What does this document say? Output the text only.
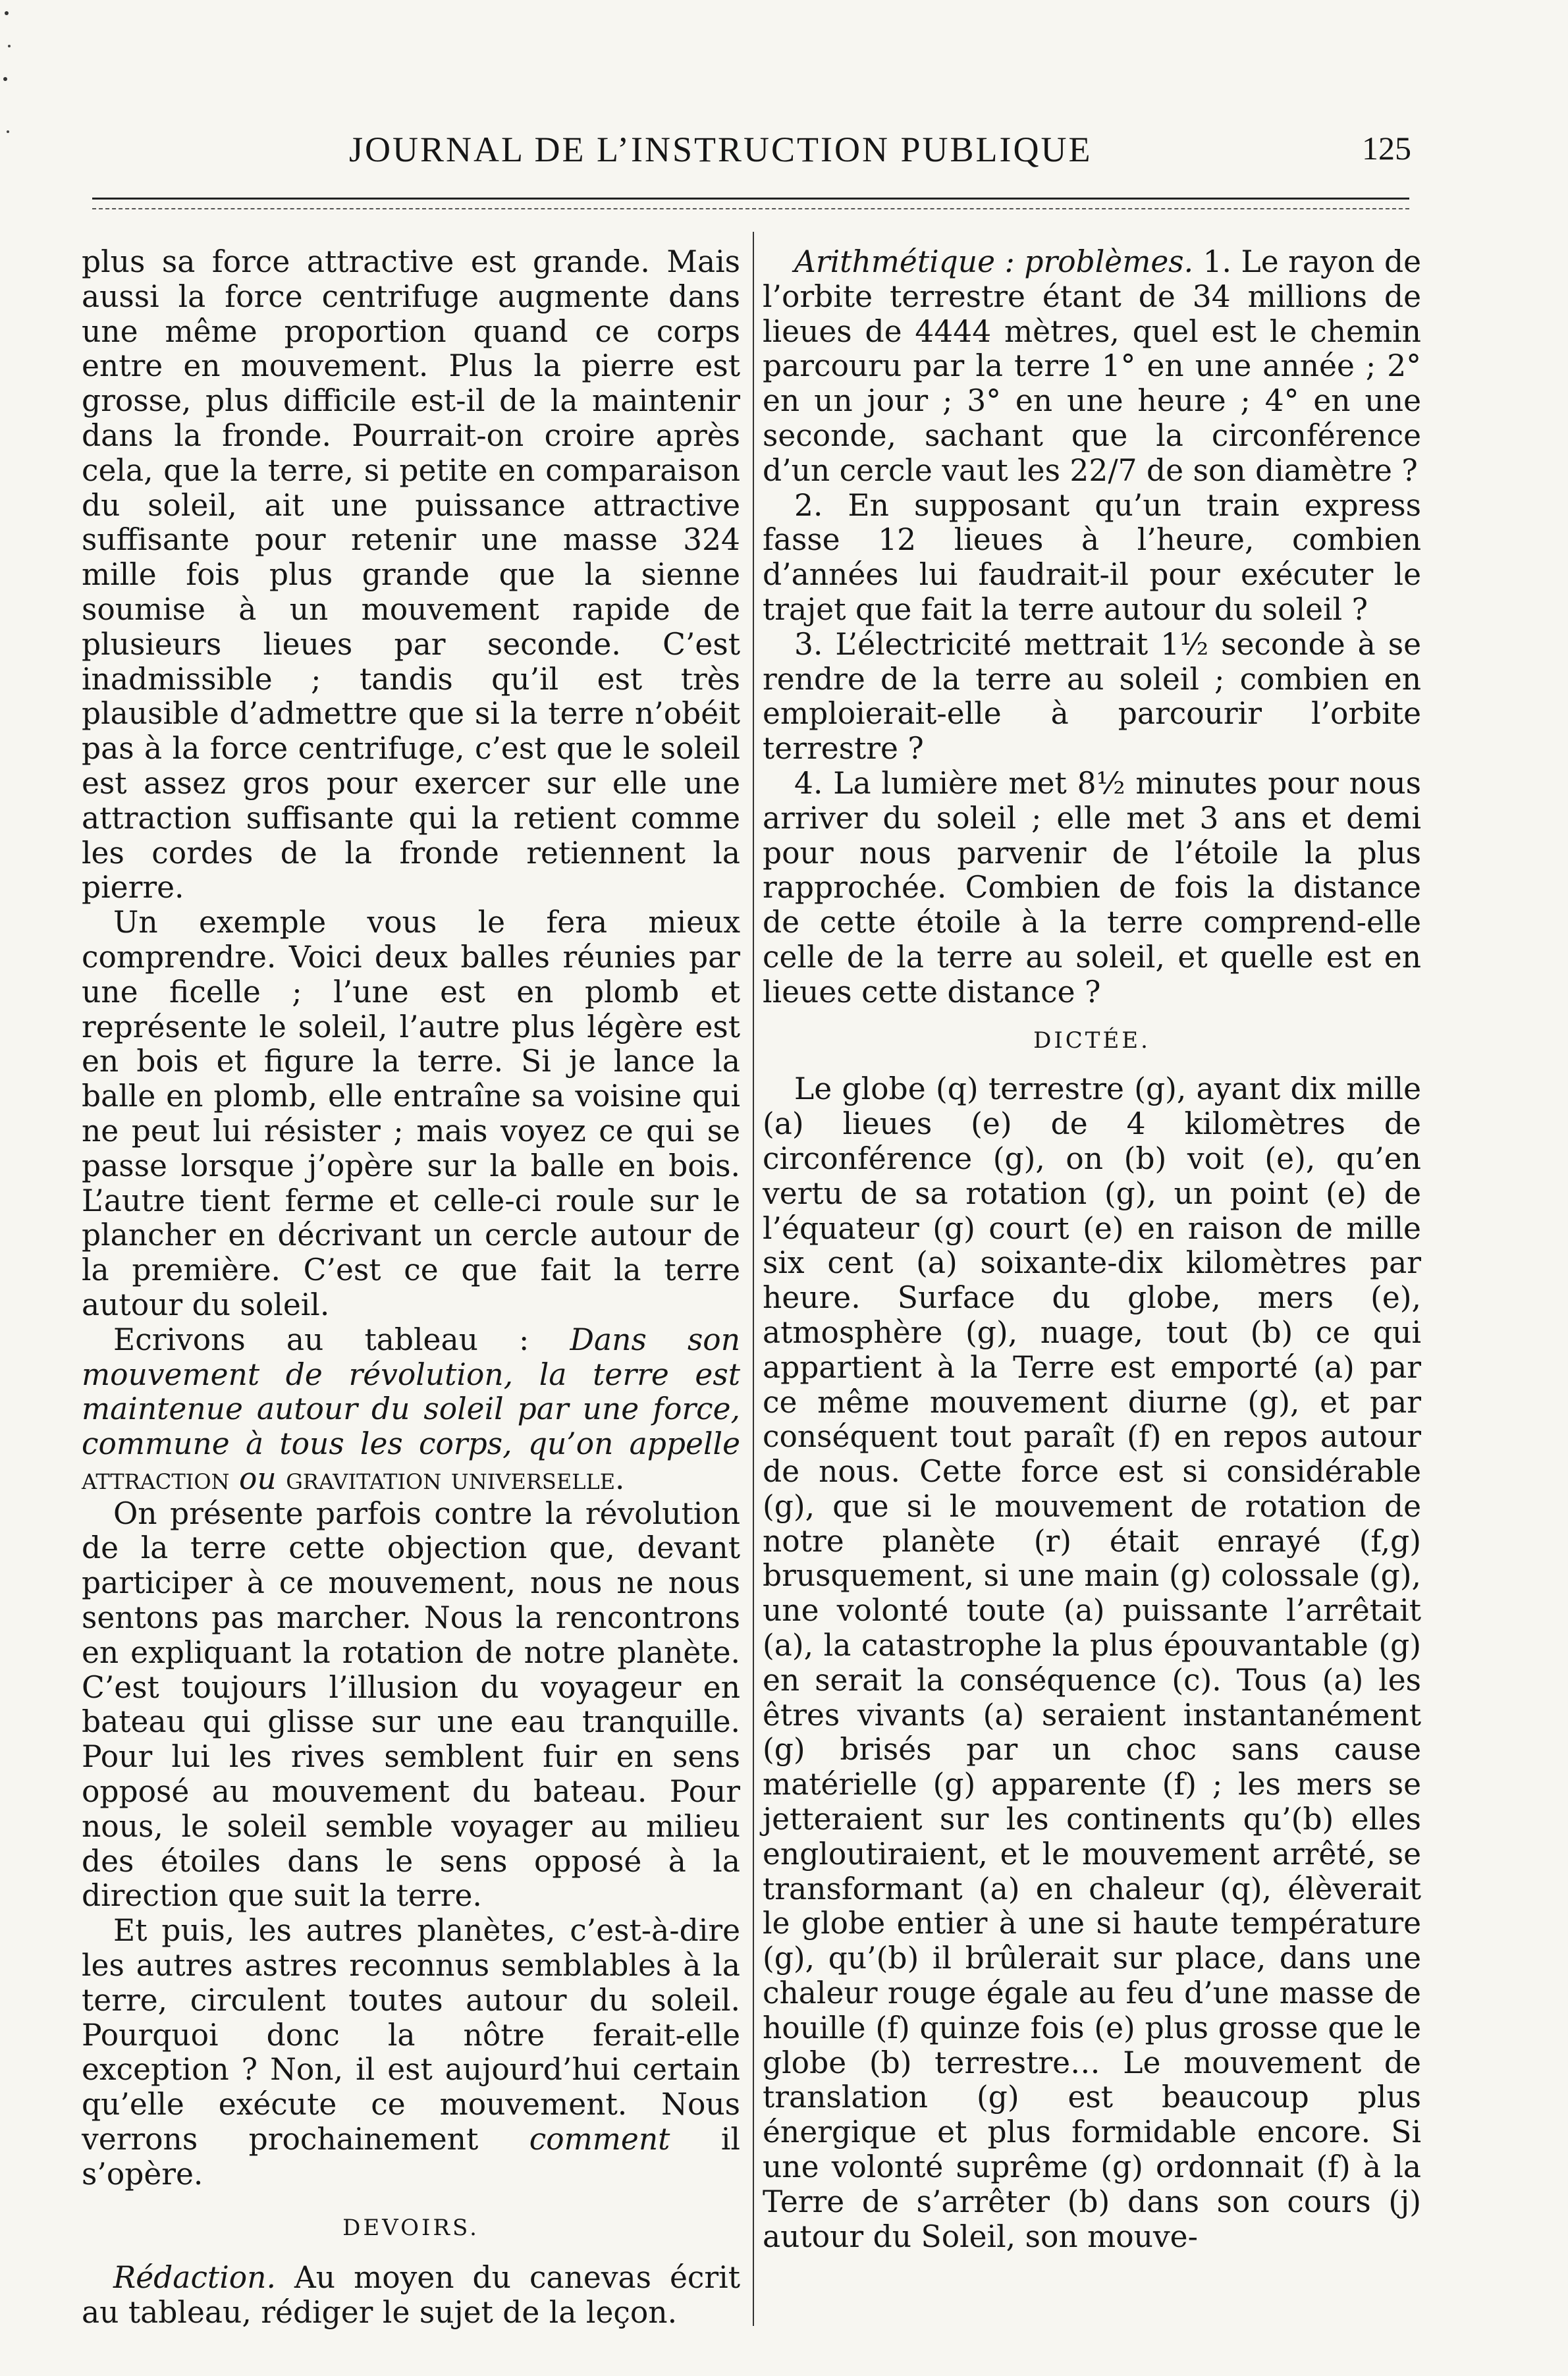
JOURNAL DE L’INSTRUCTION PUBLIQUE	125

plus sa force attractive est grande. Mais aussi la force centrifuge augmente dans une même proportion quand ce corps entre en mouvement. Plus la pierre est grosse, plus difficile est-il de la maintenir dans la fronde. Pourrait-on croire après cela, que la terre, si petite en comparaison du soleil, ait une puissance attractive suffisante pour retenir une masse 324 mille fois plus grande que la sienne soumise à un mouvement rapide de plusieurs lieues par seconde. C’est inadmissible ; tandis qu’il est très plausible d’admettre que si la terre n’obéit pas à la force centrifuge, c’est que le soleil est assez gros pour exercer sur elle une attraction suffisante qui la retient comme les cordes de la fronde retiennent la pierre.

Un exemple vous le fera mieux comprendre. Voici deux balles réunies par une ficelle ; l’une est en plomb et représente le soleil, l’autre plus légère est en bois et figure la terre. Si je lance la balle en plomb, elle entraîne sa voisine qui ne peut lui résister ; mais voyez ce qui se passe lorsque j’opère sur la balle en bois. L’autre tient ferme et celle-ci roule sur le plancher en décrivant un cercle autour de la première. C’est ce que fait la terre autour du soleil.

Ecrivons au tableau : Dans son mouvement de révolution, la terre est maintenue autour du soleil par une force, commune à tous les corps, qu’on appelle attraction ou gravitation universelle.

On présente parfois contre la révolution de la terre cette objection que, devant participer à ce mouvement, nous ne nous sentons pas marcher. Nous la rencontrons en expliquant la rotation de notre planète. C’est toujours l’illusion du voyageur en bateau qui glisse sur une eau tranquille. Pour lui les rives semblent fuir en sens opposé au mouvement du bateau. Pour nous, le soleil semble voyager au milieu des étoiles dans le sens opposé à la direction que suit la terre.

Et puis, les autres planètes, c’est-à-dire les autres astres reconnus semblables à la terre, circulent toutes autour du soleil. Pourquoi donc la nôtre ferait-elle exception ? Non, il est aujourd’hui certain qu’elle exécute ce mouvement. Nous verrons prochainement comment il s’opère.

DEVOIRS.

Rédaction. Au moyen du canevas écrit au tableau, rédiger le sujet de la leçon.

Arithmétique : problèmes. 1. Le rayon de l’orbite terrestre étant de 34 millions de lieues de 4444 mètres, quel est le chemin parcouru par la terre 1° en une année ; 2° en un jour ; 3° en une heure ; 4° en une seconde, sachant que la circonférence d’un cercle vaut les 22/7 de son diamètre ?

2. En supposant qu’un train express fasse 12 lieues à l’heure, combien d’années lui faudrait-il pour exécuter le trajet que fait la terre autour du soleil ?

3. L’électricité mettrait 1½ seconde à se rendre de la terre au soleil ; combien en emploierait-elle à parcourir l’orbite terrestre ?

4. La lumière met 8½ minutes pour nous arriver du soleil ; elle met 3 ans et demi pour nous parvenir de l’étoile la plus rapprochée. Combien de fois la distance de cette étoile à la terre comprend-elle celle de la terre au soleil, et quelle est en lieues cette distance ?

DICTÉE.

Le globe (q) terrestre (g), ayant dix mille (a) lieues (e) de 4 kilomètres de circonférence (g), on (b) voit (e), qu’en vertu de sa rotation (g), un point (e) de l’équateur (g) court (e) en raison de mille six cent (a) soixante-dix kilomètres par heure. Surface du globe, mers (e), atmosphère (g), nuage, tout (b) ce qui appartient à la Terre est emporté (a) par ce même mouvement diurne (g), et par conséquent tout paraît (f) en repos autour de nous. Cette force est si considérable (g), que si le mouvement de rotation de notre planète (r) était enrayé (f,g) brusquement, si une main (g) colossale (g), une volonté toute (a) puissante l’arrêtait (a), la catastrophe la plus épouvantable (g) en serait la conséquence (c). Tous (a) les êtres vivants (a) seraient instantanément (g) brisés par un choc sans cause matérielle (g) apparente (f) ; les mers se jetteraient sur les continents qu’(b) elles engloutiraient, et le mouvement arrêté, se transformant (a) en chaleur (q), élèverait le globe entier à une si haute température (g), qu’(b) il brûlerait sur place, dans une chaleur rouge égale au feu d’une masse de houille (f) quinze fois (e) plus grosse que le globe (b) terrestre… Le mouvement de translation (g) est beaucoup plus énergique et plus formidable encore. Si une volonté suprême (g) ordonnait (f) à la Terre de s’arrêter (b) dans son cours (j) autour du Soleil, son mouve-
